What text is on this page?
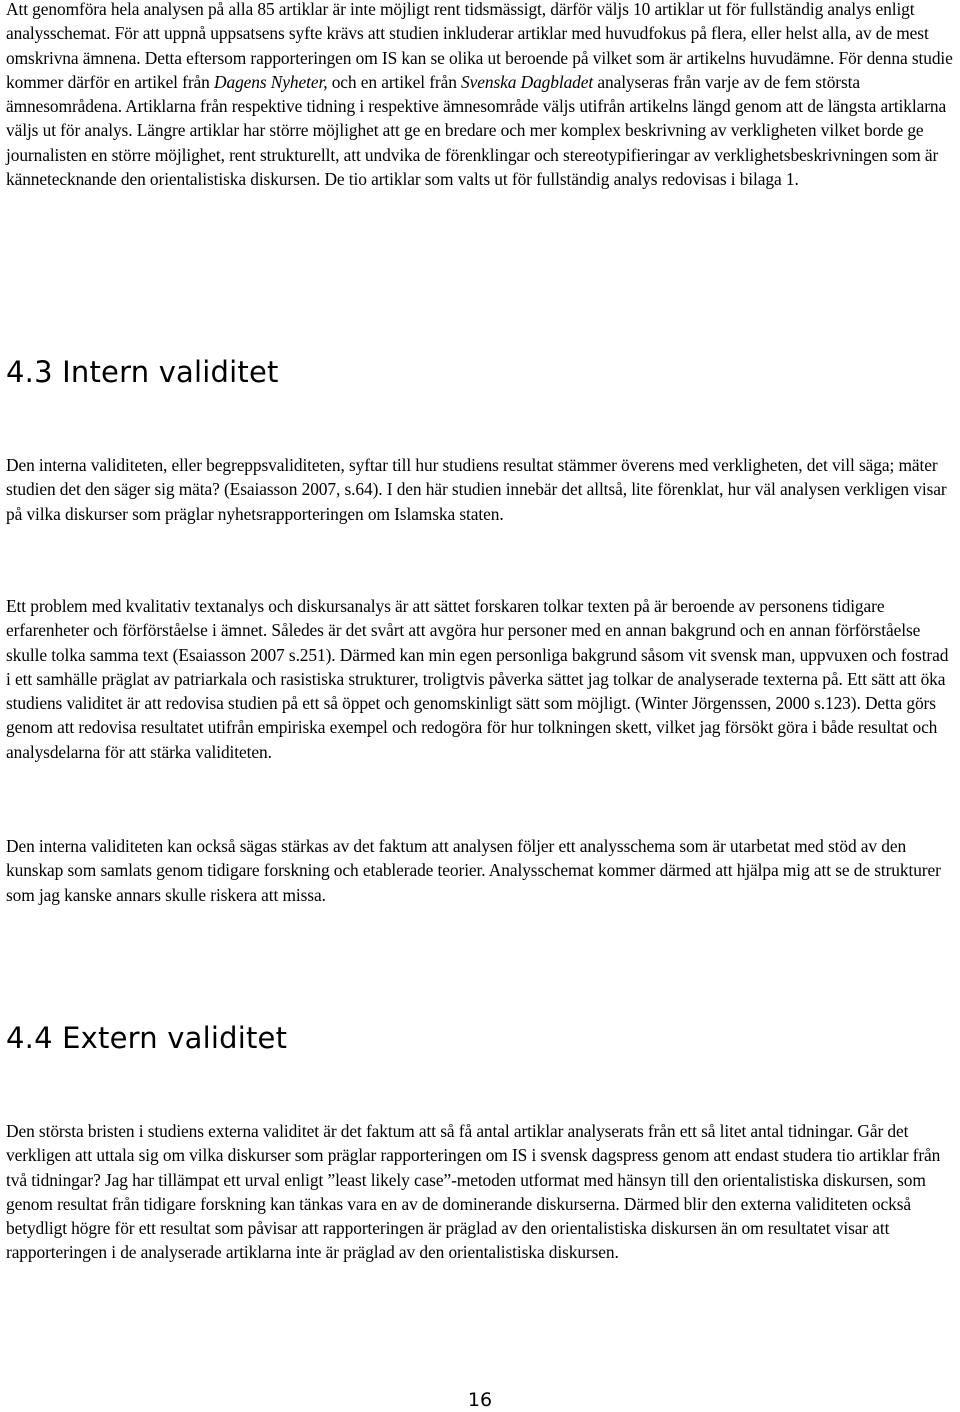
Att genomföra hela analysen på alla 85 artiklar är inte möjligt rent tidsmässigt, därför väljs 10 artiklar ut för fullständig analys enligt analysschemat. För att uppnå uppsatsens syfte krävs att studien inkluderar artiklar med huvudfokus på flera, eller helst alla, av de mest omskrivna ämnena. Detta eftersom rapporteringen om IS kan se olika ut beroende på vilket som är artikelns huvudämne. För denna studie kommer därför en artikel från Dagens Nyheter, och en artikel från Svenska Dagbladet analyseras från varje av de fem största ämnesområdena. Artiklarna från respektive tidning i respektive ämnesområde väljs utifrån artikelns längd genom att de längsta artiklarna väljs ut för analys. Längre artiklar har större möjlighet att ge en bredare och mer komplex beskrivning av verkligheten vilket borde ge journalisten en större möjlighet, rent strukturellt, att undvika de förenklingar och stereotypifieringar av verklighetsbeskrivningen som är kännetecknande den orientalistiska diskursen. De tio artiklar som valts ut för fullständig analys redovisas i bilaga 1.

4.3 Intern validitet

Den interna validiteten, eller begreppsvaliditeten, syftar till hur studiens resultat stämmer överens med verkligheten, det vill säga; mäter studien det den säger sig mäta? (Esaiasson 2007, s.64). I den här studien innebär det alltså, lite förenklat, hur väl analysen verkligen visar på vilka diskurser som präglar nyhetsrapporteringen om Islamska staten.

Ett problem med kvalitativ textanalys och diskursanalys är att sättet forskaren tolkar texten på är beroende av personens tidigare erfarenheter och förförståelse i ämnet. Således är det svårt att avgöra hur personer med en annan bakgrund och en annan förförståelse skulle tolka samma text (Esaiasson 2007 s.251). Därmed kan min egen personliga bakgrund såsom vit svensk man, uppvuxen och fostrad i ett samhälle präglat av patriarkala och rasistiska strukturer, troligtvis påverka sättet jag tolkar de analyserade texterna på. Ett sätt att öka studiens validitet är att redovisa studien på ett så öppet och genomskinligt sätt som möjligt. (Winter Jörgenssen, 2000 s.123). Detta görs genom att redovisa resultatet utifrån empiriska exempel och redogöra för hur tolkningen skett, vilket jag försökt göra i både resultat och analysdelarna för att stärka validiteten.

Den interna validiteten kan också sägas stärkas av det faktum att analysen följer ett analysschema som är utarbetat med stöd av den kunskap som samlats genom tidigare forskning och etablerade teorier. Analysschemat kommer därmed att hjälpa mig att se de strukturer som jag kanske annars skulle riskera att missa.

4.4 Extern validitet

Den största bristen i studiens externa validitet är det faktum att så få antal artiklar analyserats från ett så litet antal tidningar. Går det verkligen att uttala sig om vilka diskurser som präglar rapporteringen om IS i svensk dagspress genom att endast studera tio artiklar från två tidningar? Jag har tillämpat ett urval enligt ”least likely case”-metoden utformat med hänsyn till den orientalistiska diskursen, som genom resultat från tidigare forskning kan tänkas vara en av de dominerande diskurserna. Därmed blir den externa validiteten också betydligt högre för ett resultat som påvisar att rapporteringen är präglad av den orientalistiska diskursen än om resultatet visar att rapporteringen i de analyserade artiklarna inte är präglad av den orientalistiska diskursen.

16
